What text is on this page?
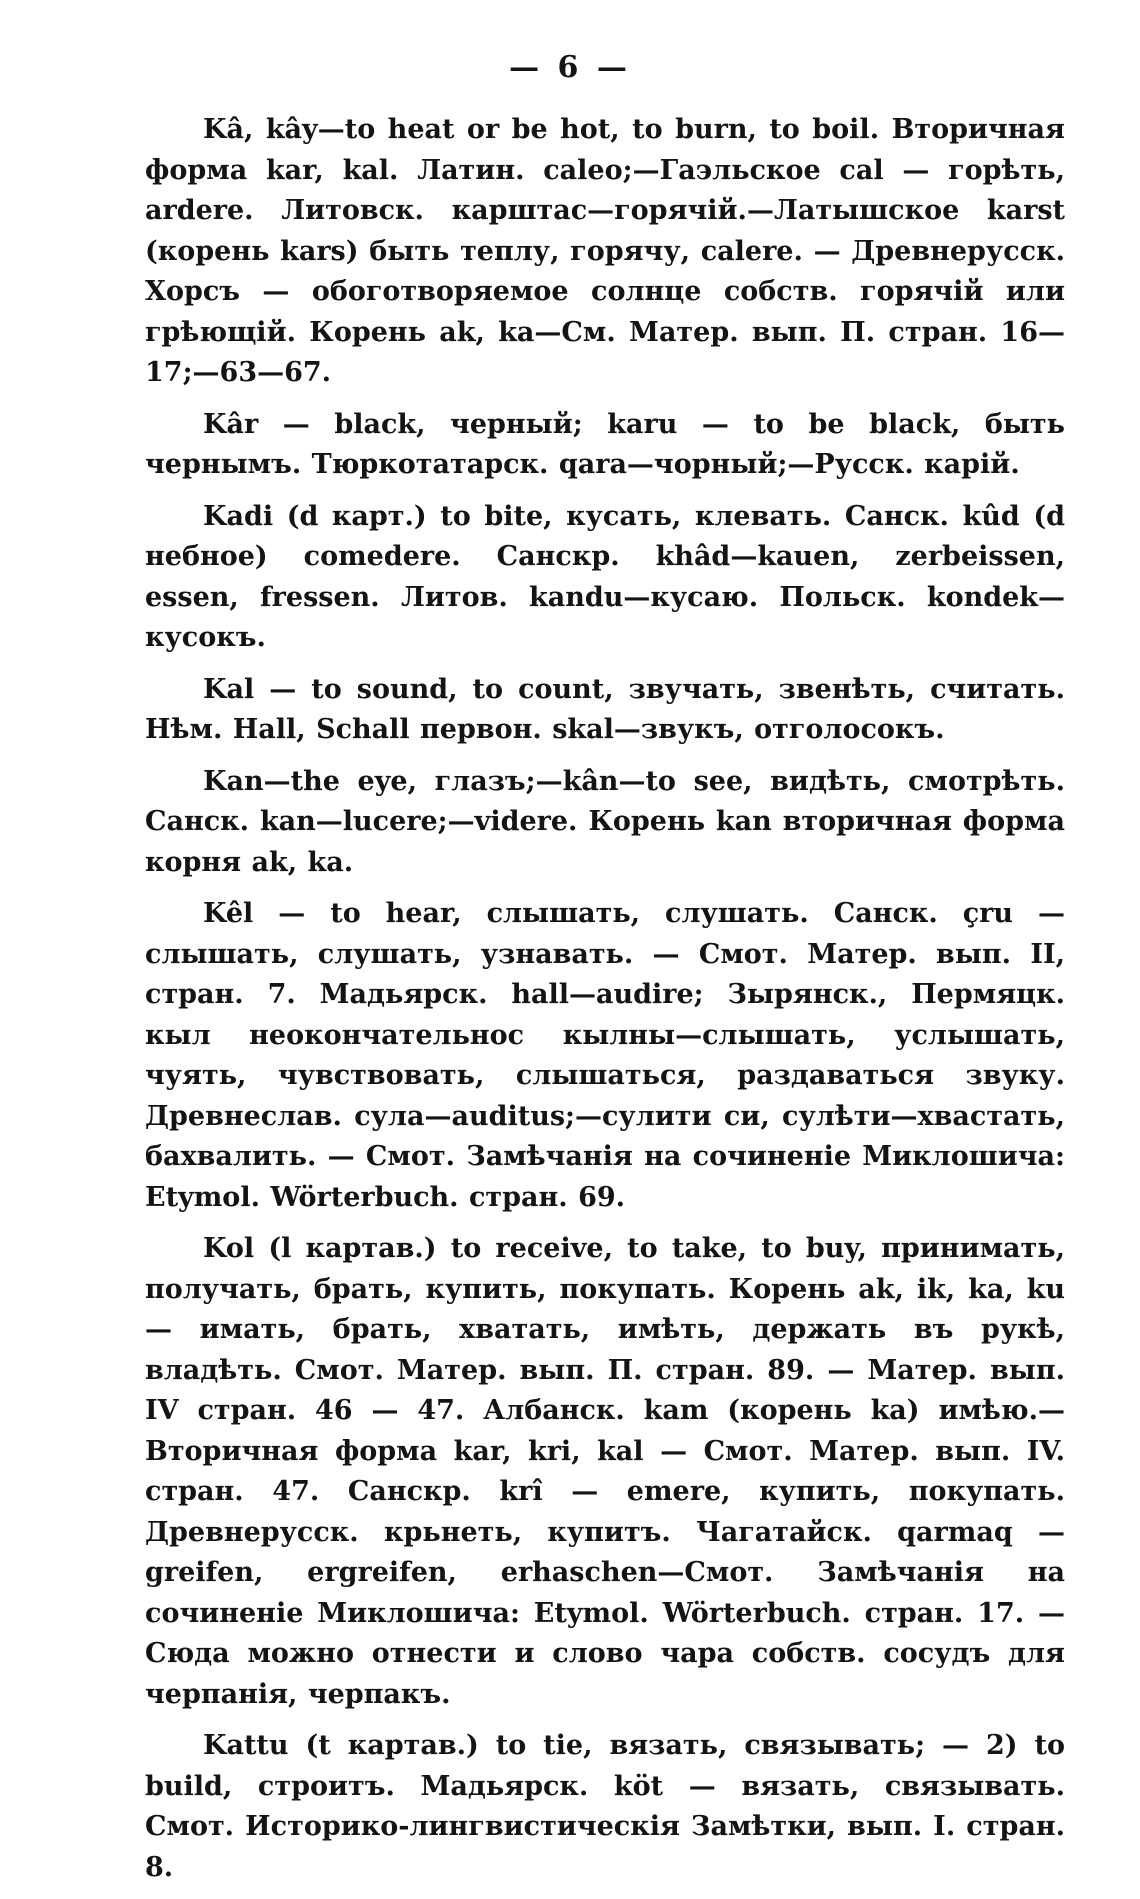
— 6 —

Kâ, kây—to heat or be hot, to burn, to boil. Вторичная форма kar, kal. Латин. caleo;—Гаэльское cal — горѣть, ardere. Литовск. карштас—горячій.—Латышское karst (корень kars) быть теплу, горячу, calere. — Древнерусск. Хорсъ — обоготворяемое солнце собств. горячій или грѣющій. Корень ak, ka—См. Матер. вып. П. стран. 16—17;—63—67.

Kâr — black, черный; karu — to be black, быть чернымъ. Тюркотатарск. qara—чорный;—Русск. карій.

Kadi (d карт.) to bite, кусать, клевать. Санск. kûd (d небное) comedere. Санскр. khâd—kauen, zerbeissen, essen, fressen. Литов. kandu—кусаю. Польск. kondek—кусокъ.

Kal — to sound, to count, звучать, звенѣть, считать. Нѣм. Hall, Schall первон. skal—звукъ, отголосокъ.

Kan—the eye, глазъ;—kân—to see, видѣть, смотрѣть. Санск. kan—lucere;—videre. Корень kan вторичная форма корня ak, ka.

Kêl — to hear, слышать, слушать. Санск. çru — слышать, слушать, узнавать. — Смот. Матер. вып. II, стран. 7. Мадьярск. hall—audire; Зырянск., Пермяцк. кыл неокончательнос кылны—слышать, услышать, чуять, чувствовать, слышаться, раздаваться звуку. Древнеслав. сула—auditus;—сулити си, сулѣти—хвастать, бахвалить. — Смот. Замѣчанія на сочиненіе Миклошича: Etymol. Wörterbuch. стран. 69.

Kol (l картав.) to receive, to take, to buy, принимать, получать, брать, купить, покупать. Корень ak, ik, ka, ku — имать, брать, хватать, имѣть, держать въ рукѣ, владѣть. Смот. Матер. вып. П. стран. 89. — Матер. вып. IV стран. 46 — 47. Албанск. kam (корень ka) имѣю.—Вторичная форма kar, kri, kal — Смот. Матер. вып. IV. стран. 47. Санскр. krî — emere, купить, покупать. Древнерусск. крьнеть, купитъ. Чагатайск. qarmaq — greifen, ergreifen, erhaschen—Смот. Замѣчанія на сочиненіе Миклошича: Etymol. Wörterbuch. стран. 17. — Сюда можно отнести и слово чара собств. сосудъ для черпанія, черпакъ.

Kattu (t картав.) to tie, вязать, связывать; — 2) to build, строитъ. Мадьярск. köt — вязать, связывать. Смот. Историко-лингвистическія Замѣтки, вып. I. стран. 8.
